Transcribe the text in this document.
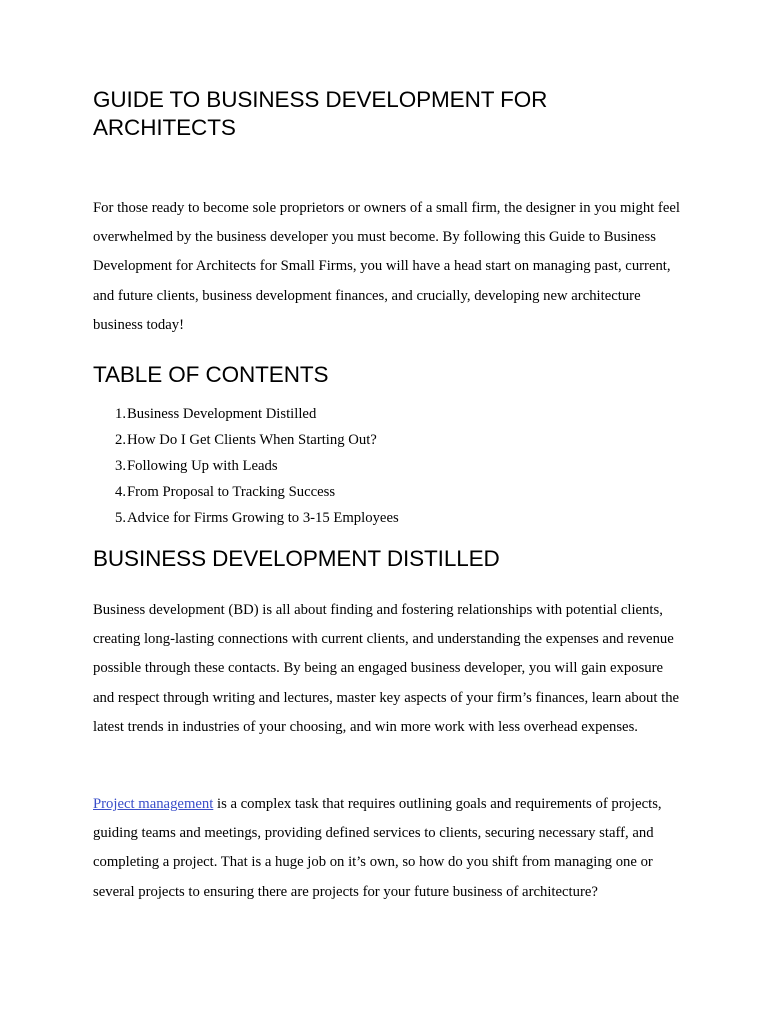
GUIDE TO BUSINESS DEVELOPMENT FOR ARCHITECTS

For those ready to become sole proprietors or owners of a small firm, the designer in you might feel overwhelmed by the business developer you must become. By following this Guide to Business Development for Architects for Small Firms, you will have a head start on managing past, current, and future clients, business development finances, and crucially, developing new architecture business today!

TABLE OF CONTENTS
1. Business Development Distilled
2. How Do I Get Clients When Starting Out?
3. Following Up with Leads
4. From Proposal to Tracking Success
5. Advice for Firms Growing to 3-15 Employees
BUSINESS DEVELOPMENT DISTILLED

Business development (BD) is all about finding and fostering relationships with potential clients, creating long-lasting connections with current clients, and understanding the expenses and revenue possible through these contacts. By being an engaged business developer, you will gain exposure and respect through writing and lectures, master key aspects of your firm’s finances, learn about the latest trends in industries of your choosing, and win more work with less overhead expenses.

Project management is a complex task that requires outlining goals and requirements of projects, guiding teams and meetings, providing defined services to clients, securing necessary staff, and completing a project. That is a huge job on it’s own, so how do you shift from managing one or several projects to ensuring there are projects for your future business of architecture?
